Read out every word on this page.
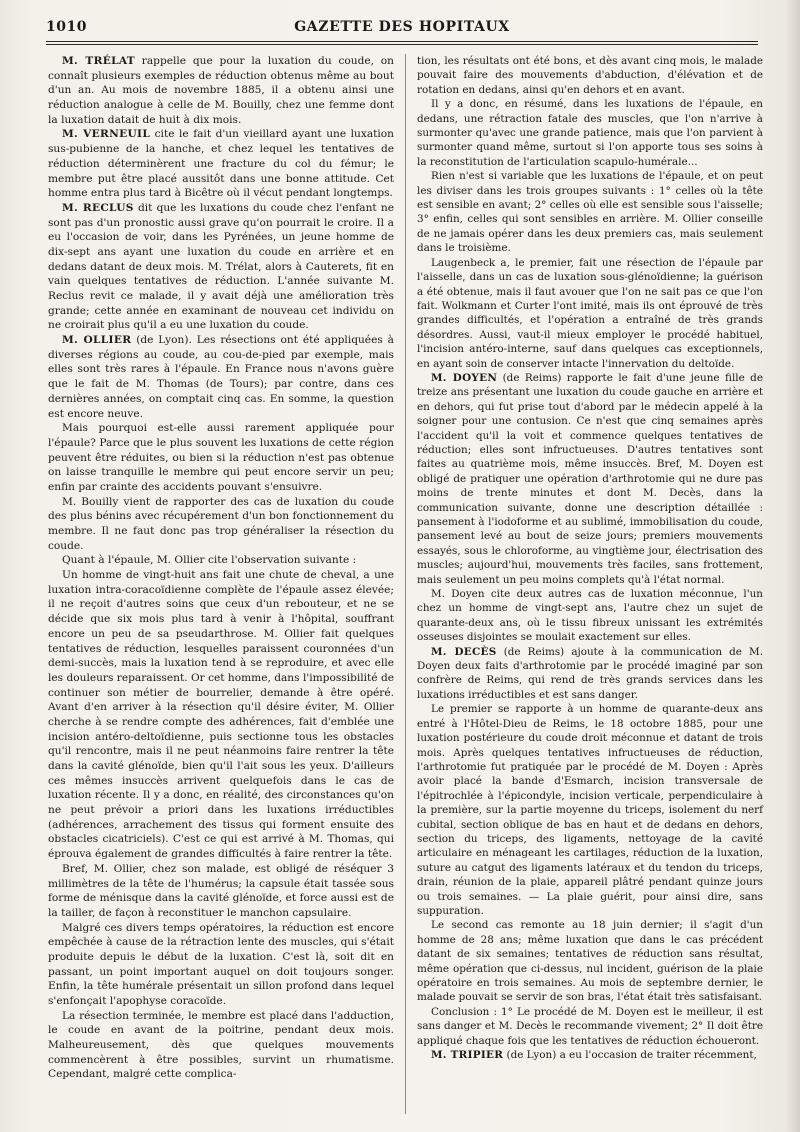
1010	GAZETTE DES HOPITAUX

M. TRÉLAT rappelle que pour la luxation du coude, on connaît plusieurs exemples de réduction obtenus même au bout d'un an. Au mois de novembre 1885, il a obtenu ainsi une réduction analogue à celle de M. Bouilly, chez une femme dont la luxation datait de huit à dix mois.

M. VERNEUIL cite le fait d'un vieillard ayant une luxation sus-pubienne de la hanche, et chez lequel les tentatives de réduction déterminèrent une fracture du col du fémur; le membre put être placé aussitôt dans une bonne attitude. Cet homme entra plus tard à Bicêtre où il vécut pendant longtemps.

M. RECLUS dit que les luxations du coude chez l'enfant ne sont pas d'un pronostic aussi grave qu'on pourrait le croire. Il a eu l'occasion de voir, dans les Pyrénées, un jeune homme de dix-sept ans ayant une luxation du coude en arrière et en dedans datant de deux mois. M. Trélat, alors à Cauterets, fit en vain quelques tentatives de réduction. L'année suivante M. Reclus revit ce malade, il y avait déjà une amélioration très grande; cette année en examinant de nouveau cet individu on ne croirait plus qu'il a eu une luxation du coude.

M. OLLIER (de Lyon). Les résections ont été appliquées à diverses régions au coude, au cou-de-pied par exemple, mais elles sont très rares à l'épaule. En France nous n'avons guère que le fait de M. Thomas (de Tours); par contre, dans ces dernières années, on comptait cinq cas. En somme, la question est encore neuve.

Mais pourquoi est-elle aussi rarement appliquée pour l'épaule? Parce que le plus souvent les luxations de cette région peuvent être réduites, ou bien si la réduction n'est pas obtenue on laisse tranquille le membre qui peut encore servir un peu; enfin par crainte des accidents pouvant s'ensuivre.

M. Bouilly vient de rapporter des cas de luxation du coude des plus bénins avec récupérement d'un bon fonctionnement du membre. Il ne faut donc pas trop généraliser la résection du coude.

Quant à l'épaule, M. Ollier cite l'observation suivante :

Un homme de vingt-huit ans fait une chute de cheval, a une luxation intra-coracoïdienne complète de l'épaule assez élevée; il ne reçoit d'autres soins que ceux d'un rebouteur, et ne se décide que six mois plus tard à venir à l'hôpital, souffrant encore un peu de sa pseudarthrose. M. Ollier fait quelques tentatives de réduction, lesquelles paraissent couronnées d'un demi-succès, mais la luxation tend à se reproduire, et avec elle les douleurs reparaissent. Or cet homme, dans l'impossibilité de continuer son métier de bourrelier, demande à être opéré. Avant d'en arriver à la résection qu'il désire éviter, M. Ollier cherche à se rendre compte des adhérences, fait d'emblée une incision antéro-deltoïdienne, puis sectionne tous les obstacles qu'il rencontre, mais il ne peut néanmoins faire rentrer la tête dans la cavité glénoïde, bien qu'il l'ait sous les yeux. D'ailleurs ces mêmes insuccès arrivent quelquefois dans le cas de luxation récente. Il y a donc, en réalité, des circonstances qu'on ne peut prévoir a priori dans les luxations irréductibles (adhérences, arrachement des tissus qui forment ensuite des obstacles cicatriciels). C'est ce qui est arrivé à M. Thomas, qui éprouva également de grandes difficultés à faire rentrer la tête.

Bref, M. Ollier, chez son malade, est obligé de réséquer 3 millimètres de la tête de l'humérus; la capsule était tassée sous forme de ménisque dans la cavité glénoïde, et force aussi est de la tailler, de façon à reconstituer le manchon capsulaire.

Malgré ces divers temps opératoires, la réduction est encore empêchée à cause de la rétraction lente des muscles, qui s'était produite depuis le début de la luxation. C'est là, soit dit en passant, un point important auquel on doit toujours songer. Enfin, la tête humérale présentait un sillon profond dans lequel s'enfonçait l'apophyse coracoïde.

La résection terminée, le membre est placé dans l'adduction, le coude en avant de la poitrine, pendant deux mois. Malheureusement, dès que quelques mouvements commencèrent à être possibles, survint un rhumatisme. Cependant, malgré cette complica-

tion, les résultats ont été bons, et dès avant cinq mois, le malade pouvait faire des mouvements d'abduction, d'élévation et de rotation en dedans, ainsi qu'en dehors et en avant.

Il y a donc, en résumé, dans les luxations de l'épaule, en dedans, une rétraction fatale des muscles, que l'on n'arrive à surmonter qu'avec une grande patience, mais que l'on parvient à surmonter quand même, surtout si l'on apporte tous ses soins à la reconstitution de l'articulation scapulo-humérale...

Rien n'est si variable que les luxations de l'épaule, et on peut les diviser dans les trois groupes suivants : 1° celles où la tête est sensible en avant; 2° celles où elle est sensible sous l'aisselle; 3° enfin, celles qui sont sensibles en arrière. M. Ollier conseille de ne jamais opérer dans les deux premiers cas, mais seulement dans le troisième.

Laugenbeck a, le premier, fait une résection de l'épaule par l'aisselle, dans un cas de luxation sous-glénoïdienne; la guérison a été obtenue, mais il faut avouer que l'on ne sait pas ce que l'on fait. Wolkmann et Curter l'ont imité, mais ils ont éprouvé de très grandes difficultés, et l'opération a entraîné de très grands désordres. Aussi, vaut-il mieux employer le procédé habituel, l'incision antéro-interne, sauf dans quelques cas exceptionnels, en ayant soin de conserver intacte l'innervation du deltoïde.

M. DOYEN (de Reims) rapporte le fait d'une jeune fille de treize ans présentant une luxation du coude gauche en arrière et en dehors, qui fut prise tout d'abord par le médecin appelé à la soigner pour une contusion. Ce n'est que cinq semaines après l'accident qu'il la voit et commence quelques tentatives de réduction; elles sont infructueuses. D'autres tentatives sont faites au quatrième mois, même insuccès. Bref, M. Doyen est obligé de pratiquer une opération d'arthrotomie qui ne dure pas moins de trente minutes et dont M. Decès, dans la communication suivante, donne une description détaillée : pansement à l'iodoforme et au sublimé, immobilisation du coude, pansement levé au bout de seize jours; premiers mouvements essayés, sous le chloroforme, au vingtième jour, électrisation des muscles; aujourd'hui, mouvements très faciles, sans frottement, mais seulement un peu moins complets qu'à l'état normal.

M. Doyen cite deux autres cas de luxation méconnue, l'un chez un homme de vingt-sept ans, l'autre chez un sujet de quarante-deux ans, où le tissu fibreux unissant les extrémités osseuses disjointes se moulait exactement sur elles.

M. DECÈS (de Reims) ajoute à la communication de M. Doyen deux faits d'arthrotomie par le procédé imaginé par son confrère de Reims, qui rend de très grands services dans les luxations irréductibles et est sans danger.

Le premier se rapporte à un homme de quarante-deux ans entré à l'Hôtel-Dieu de Reims, le 18 octobre 1885, pour une luxation postérieure du coude droit méconnue et datant de trois mois. Après quelques tentatives infructueuses de réduction, l'arthrotomie fut pratiquée par le procédé de M. Doyen : Après avoir placé la bande d'Esmarch, incision transversale de l'épitrochlée à l'épicondyle, incision verticale, perpendiculaire à la première, sur la partie moyenne du triceps, isolement du nerf cubital, section oblique de bas en haut et de dedans en dehors, section du triceps, des ligaments, nettoyage de la cavité articulaire en ménageant les cartilages, réduction de la luxation, suture au catgut des ligaments latéraux et du tendon du triceps, drain, réunion de la plaie, appareil plâtré pendant quinze jours ou trois semaines. — La plaie guérit, pour ainsi dire, sans suppuration.

Le second cas remonte au 18 juin dernier; il s'agit d'un homme de 28 ans; même luxation que dans le cas précédent datant de six semaines; tentatives de réduction sans résultat, même opération que ci-dessus, nul incident, guérison de la plaie opératoire en trois semaines. Au mois de septembre dernier, le malade pouvait se servir de son bras, l'état était très satisfaisant.

Conclusion : 1° Le procédé de M. Doyen est le meilleur, il est sans danger et M. Decès le recommande vivement; 2° Il doit être appliqué chaque fois que les tentatives de réduction échoueront.

M. TRIPIER (de Lyon) a eu l'occasion de traiter récemment,
